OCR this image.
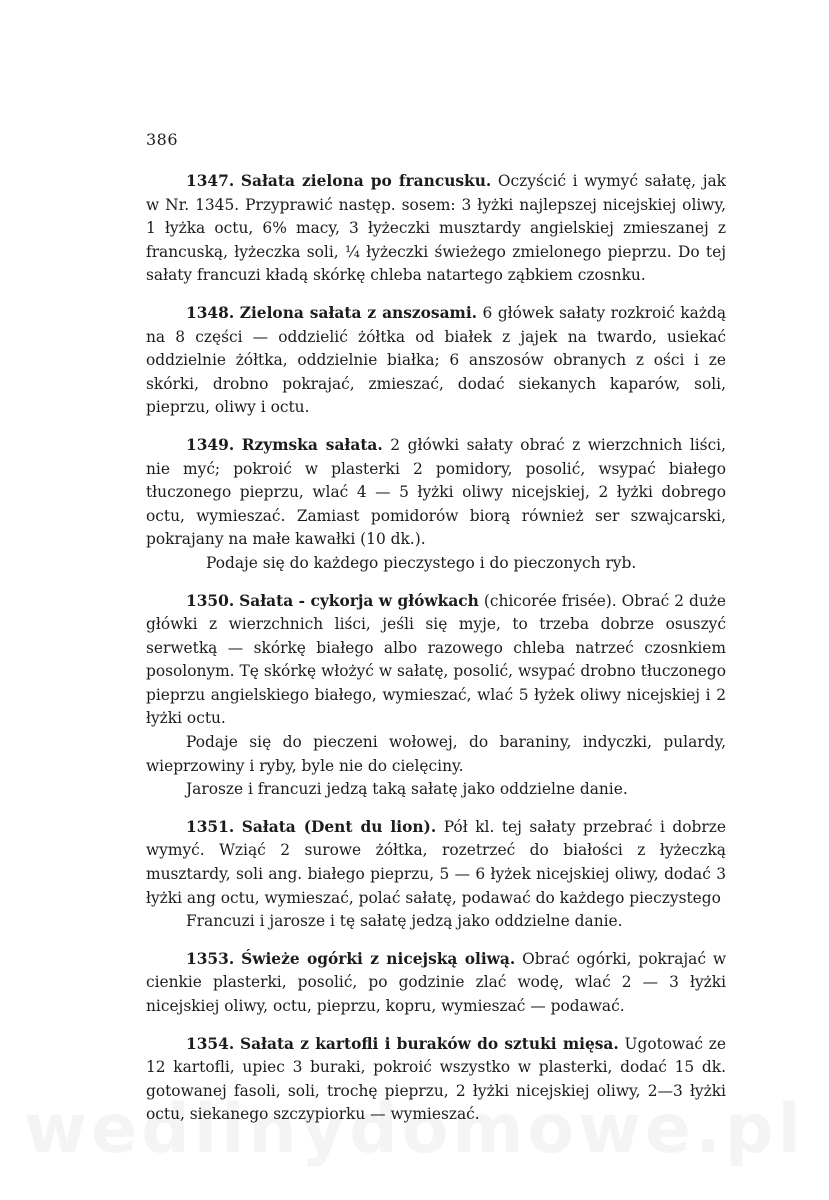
386

1347. Sałata zielona po francusku. Oczyścić i wymyć sałatę, jak w Nr. 1345. Przyprawić następ. sosem: 3 łyżki najlepszej nicejskiej oliwy, 1 łyżka octu, 6% macy, 3 łyżeczki musztardy angielskiej zmieszanej z francuską, łyżeczka soli, ¼ łyżeczki świeżego zmielonego pieprzu. Do tej sałaty francuzi kładą skórkę chleba natartego ząbkiem czosnku.

1348. Zielona sałata z anszosami. 6 główek sałaty rozkroić każdą na 8 części — oddzielić żółtka od białek z jajek na twardo, usiekać oddzielnie żółtka, oddzielnie białka; 6 anszosów obranych z ości i ze skórki, drobno pokrajać, zmieszać, dodać siekanych kaparów, soli, pieprzu, oliwy i octu.

1349. Rzymska sałata. 2 główki sałaty obrać z wierzchnich liści, nie myć; pokroić w plasterki 2 pomidory, posolić, wsypać białego tłuczonego pieprzu, wlać 4 — 5 łyżki oliwy nicejskiej, 2 łyżki dobrego octu, wymieszać. Zamiast pomidorów biorą również ser szwajcarski, pokrajany na małe kawałki (10 dk.).

Podaje się do każdego pieczystego i do pieczonych ryb.

1350. Sałata - cykorja w główkach (chicorée frisée). Obrać 2 duże główki z wierzchnich liści, jeśli się myje, to trzeba dobrze osuszyć serwetką — skórkę białego albo razowego chleba natrzeć czosnkiem posolonym. Tę skórkę włożyć w sałatę, posolić, wsypać drobno tłuczonego pieprzu angielskiego białego, wymieszać, wlać 5 łyżek oliwy nicejskiej i 2 łyżki octu.

Podaje się do pieczeni wołowej, do baraniny, indyczki, pulardy, wieprzowiny i ryby, byle nie do cielęciny.

Jarosze i francuzi jedzą taką sałatę jako oddzielne danie.

1351. Sałata (Dent du lion). Pół kl. tej sałaty przebrać i dobrze wymyć. Wziąć 2 surowe żółtka, rozetrzeć do białości z łyżeczką musztardy, soli ang. białego pieprzu, 5 — 6 łyżek nicejskiej oliwy, dodać 3 łyżki ang octu, wymieszać, polać sałatę, podawać do każdego pieczystego

Francuzi i jarosze i tę sałatę jedzą jako oddzielne danie.

1353. Świeże ogórki z nicejską oliwą. Obrać ogórki, pokrajać w cienkie plasterki, posolić, po godzinie zlać wodę, wlać 2 — 3 łyżki nicejskiej oliwy, octu, pieprzu, kopru, wymieszać — podawać.

1354. Sałata z kartofli i buraków do sztuki mięsa. Ugotować ze 12 kartofli, upiec 3 buraki, pokroić wszystko w plasterki, dodać 15 dk. gotowanej fasoli, soli, trochę pieprzu, 2 łyżki nicejskiej oliwy, 2—3 łyżki octu, siekanego szczypiorku — wymieszać.
